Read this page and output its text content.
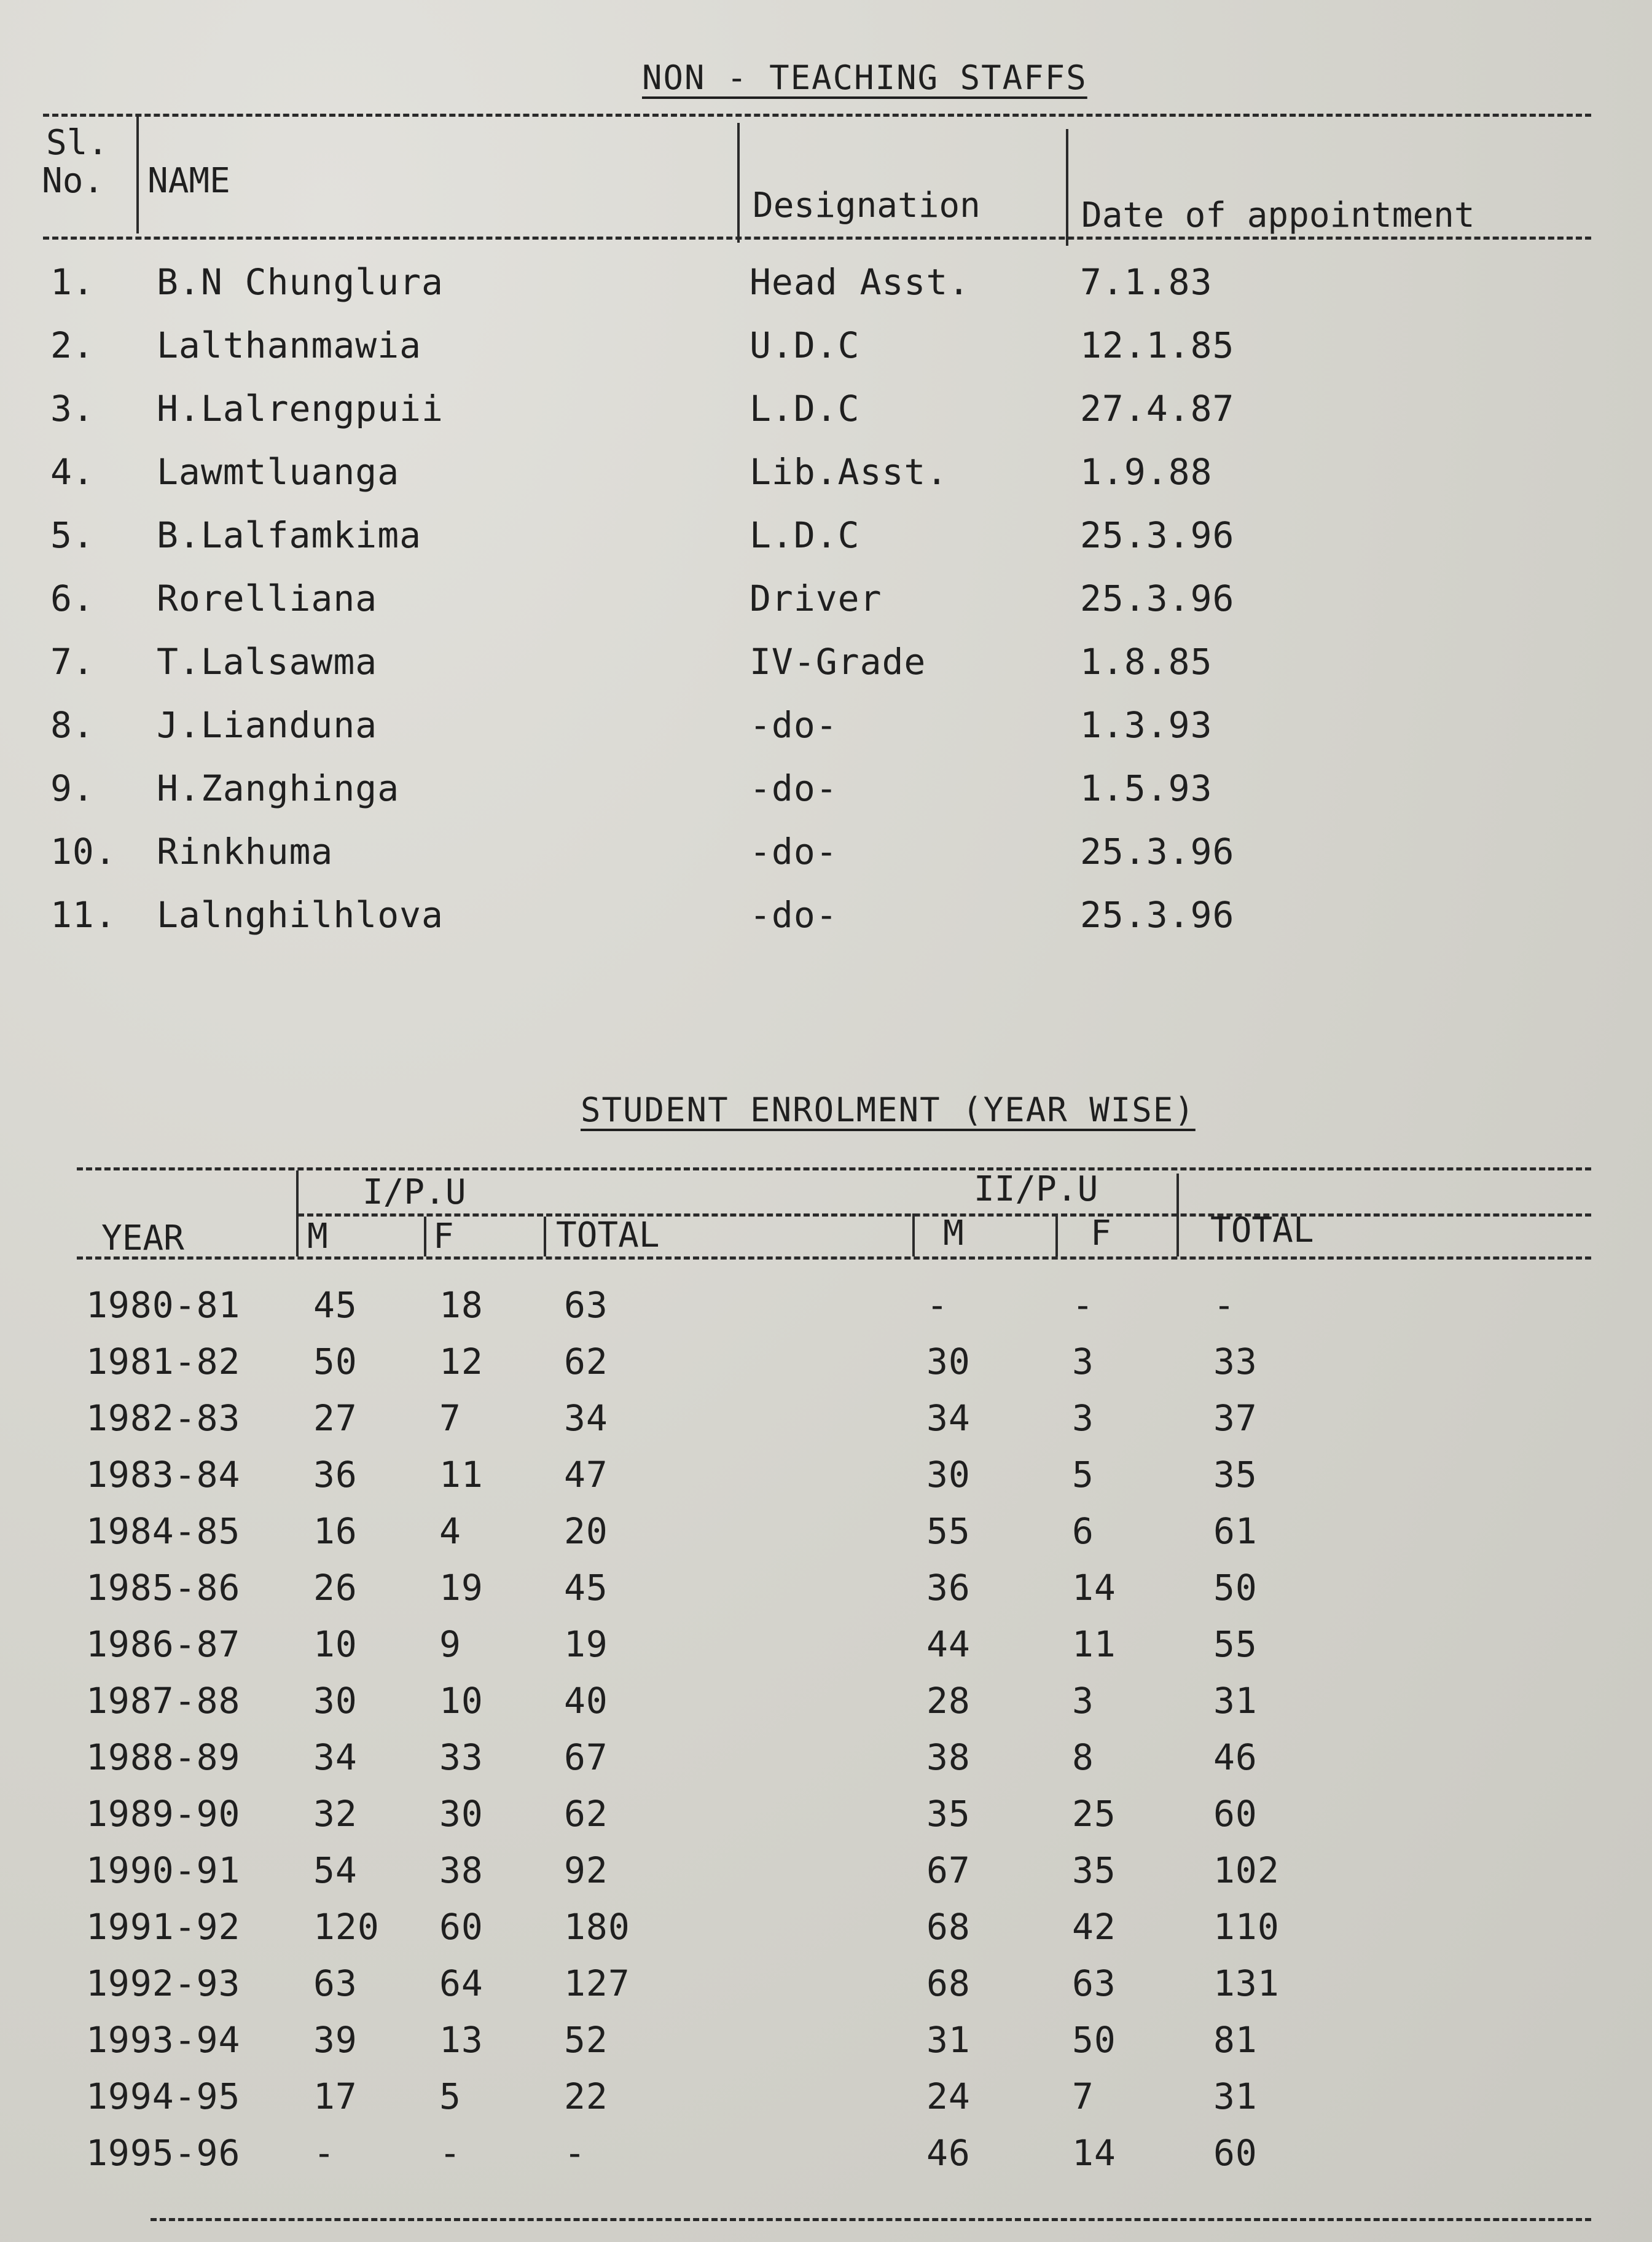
NON - TEACHING STAFFS
Sl.
No. NAME
Designation	Date of appointment
1. B.N Chunglura	Head Asst.	7.1.83
2. Lalthanmawia	U.D.C	12.1.85
3. H.Lalrengpuii	L.D.C	27.4.87
4. Lawmtluanga	Lib.Asst.	1.9.88
5. B.Lalfamkima	L.D.C	25.3.96
6. Rorelliana	Driver	25.3.96
7. T.Lalsawma	IV-Grade	1.8.85
8. J.Lianduna	-do-	1.3.93
9. H.Zanghinga	-do-	1.5.93
10. Rinkhuma	-do-	25.3.96
11. Lalnghilhlova	-do-	25.3.96
STUDENT ENROLMENT (YEAR WISE)
YEAR
I/P.U	II/P.U
M	F	TOTAL	M	F	TOTAL
1980-81 45 18 63	-	-	-
1981-82 50 12 62	30	3	33
1982-83 27 7	34	34	3	37
1983-84 36 11 47	30	5	35
1984-85 16 4	20	55	6	61
1985-86 26 19 45	36	14	50
1986-87 10 9	19	44	11	55
1987-88 30 10 40	28	3	31
1988-89 34 33 67	38	8	46
1989-90 32 30 62	35	25	60
1990-91 54 38 92	67	35	102
1991-92 120 60 180	68	42	110
1992-93 63 64 127	68	63	131
1993-94 39 13 52	31	50	81
1994-95 17 5	22	24	7	31
1995-96 -	-	-	46	14	60
